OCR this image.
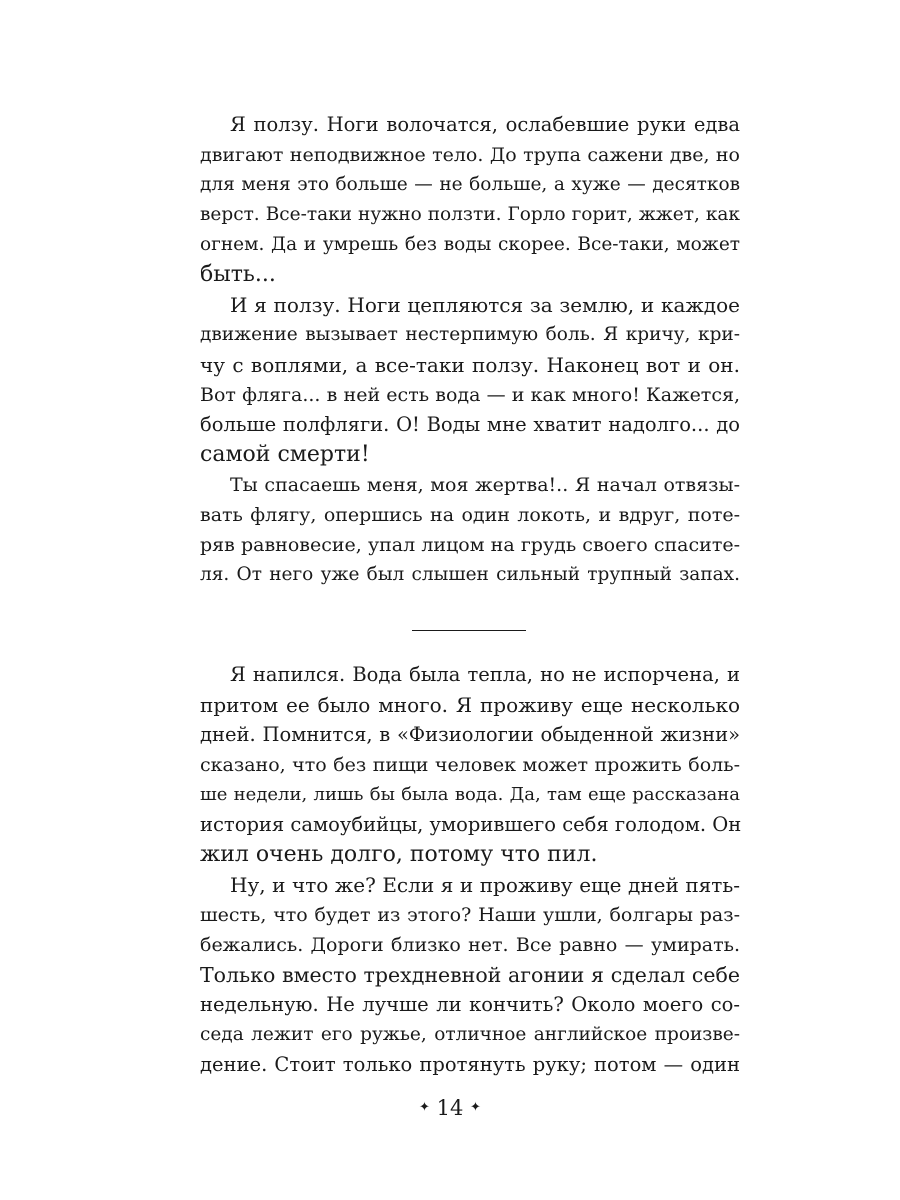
Я ползу. Ноги волочатся, ослабевшие руки едва
двигают неподвижное тело. До трупа сажени две, но
для меня это больше — не больше, а хуже — десятков
верст. Все-таки нужно ползти. Горло горит, жжет, как
огнем. Да и умрешь без воды скорее. Все-таки, может
быть...
И я ползу. Ноги цепляются за землю, и каждое
движение вызывает нестерпимую боль. Я кричу, кри-
чу с воплями, а все-таки ползу. Наконец вот и он.
Вот фляга... в ней есть вода — и как много! Кажется,
больше полфляги. О! Воды мне хватит надолго... до
самой смерти!
Ты спасаешь меня, моя жертва!.. Я начал отвязы-
вать флягу, опершись на один локоть, и вдруг, поте-
ряв равновесие, упал лицом на грудь своего спасите-
ля. От него уже был слышен сильный трупный запах.
Я напился. Вода была тепла, но не испорчена, и
притом ее было много. Я проживу еще несколько
дней. Помнится, в «Физиологии обыденной жизни»
сказано, что без пищи человек может прожить боль-
ше недели, лишь бы была вода. Да, там еще рассказана
история самоубийцы, уморившего себя голодом. Он
жил очень долго, потому что пил.
Ну, и что же? Если я и проживу еще дней пять-
шесть, что будет из этого? Наши ушли, болгары раз-
бежались. Дороги близко нет. Все равно — умирать.
Только вместо трехдневной агонии я сделал себе
недельную. Не лучше ли кончить? Около моего со-
седа лежит его ружье, отличное английское произве-
дение. Стоит только протянуть руку; потом — один
✦ 14 ✦
